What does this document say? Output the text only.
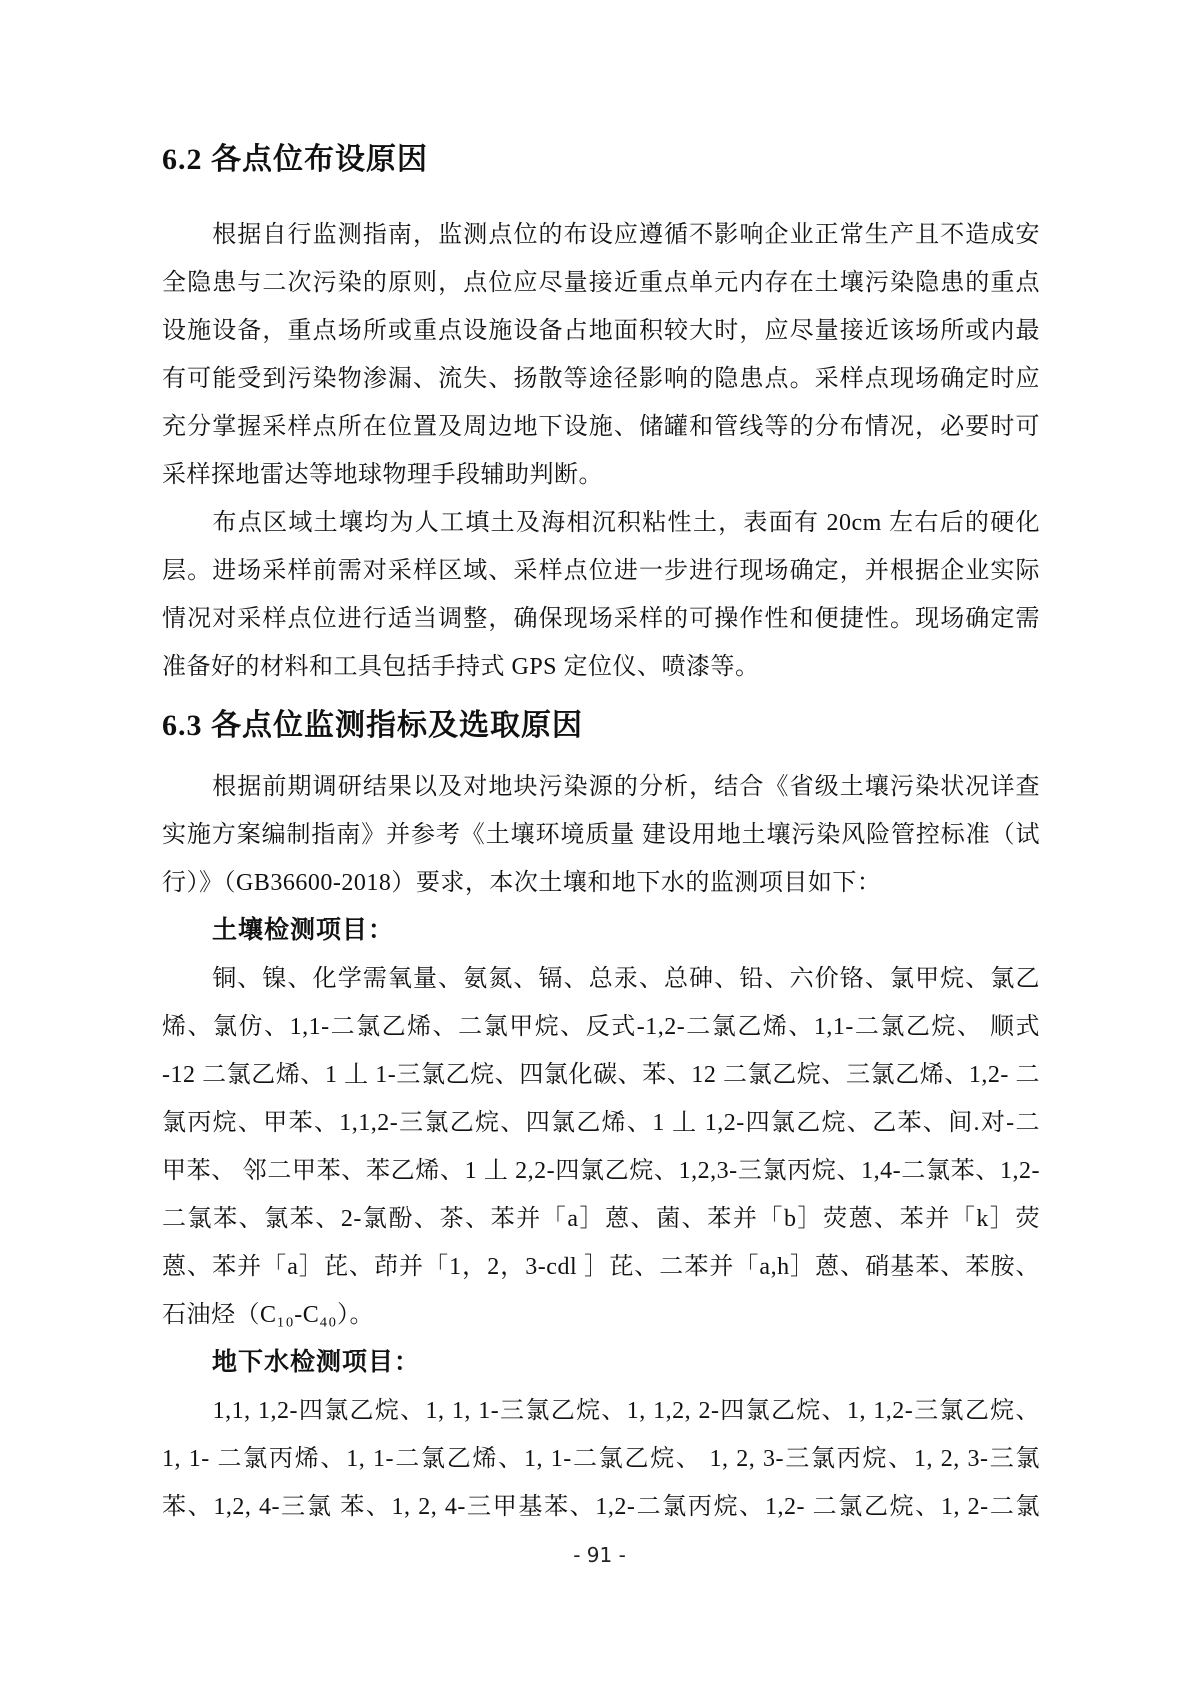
6.2 各点位布设原因
　　根据自行监测指南，监测点位的布设应遵循不影响企业正常生产且不造成安
全隐患与二次污染的原则，点位应尽量接近重点单元内存在土壤污染隐患的重点
设施设备，重点场所或重点设施设备占地面积较大时，应尽量接近该场所或内最
有可能受到污染物渗漏、流失、扬散等途径影响的隐患点。采样点现场确定时应
充分掌握采样点所在位置及周边地下设施、储罐和管线等的分布情况，必要时可
采样探地雷达等地球物理手段辅助判断。
　　布点区域土壤均为人工填土及海相沉积粘性土，表面有 20cm 左右后的硬化
层。进场采样前需对采样区域、采样点位进一步进行现场确定，并根据企业实际
情况对采样点位进行适当调整，确保现场采样的可操作性和便捷性。现场确定需
准备好的材料和工具包括手持式 GPS 定位仪、喷漆等。
6.3 各点位监测指标及选取原因
　　根据前期调研结果以及对地块污染源的分析，结合《省级土壤污染状况详查
实施方案编制指南》并参考《土壤环境质量 建设用地土壤污染风险管控标准（试
行）》（GB36600-2018）要求，本次土壤和地下水的监测项目如下：

土壤检测项目：

　　铜、镍、化学需氧量、氨氮、镉、总汞、总砷、铅、六价铬、氯甲烷、氯乙
烯、氯仿、1,1-二氯乙烯、二氯甲烷、反式-1,2-二氯乙烯、1,1-二氯乙烷、 顺式
-12 二氯乙烯、1 丄 1-三氯乙烷、四氯化碳、苯、12 二氯乙烷、三氯乙烯、1,2- 二
氯丙烷、甲苯、1,1,2-三氯乙烷、四氯乙烯、1 丄 1,2-四氯乙烷、乙苯、间.对-二
甲苯、 邻二甲苯、苯乙烯、1 丄 2,2-四氯乙烷、1,2,3-三氯丙烷、1,4-二氯苯、1,2-
二氯苯、氯苯、2-氯酚、茶、苯并「a］蒽、菌、苯并「b］荧蒽、苯并「k］荧
蒽、苯并「a］芘、茚并「1，2，3-cdl ］芘、二苯并「a,h］蒽、硝基苯、苯胺、
石油烃（C₁₀-C₄₀）。

地下水检测项目：

　　1,1, 1,2-四氯乙烷、1, 1, 1-三氯乙烷、1, 1,2, 2-四氯乙烷、1, 1,2-三氯乙烷、
1, 1- 二氯丙烯、1, 1-二氯乙烯、1, 1-二氯乙烷、 1, 2, 3-三氯丙烷、1, 2, 3-三氯
苯、1,2, 4-三氯 苯、1, 2, 4-三甲基苯、1,2-二氯丙烷、1,2- 二氯乙烷、1, 2-二氯
- 91 -
